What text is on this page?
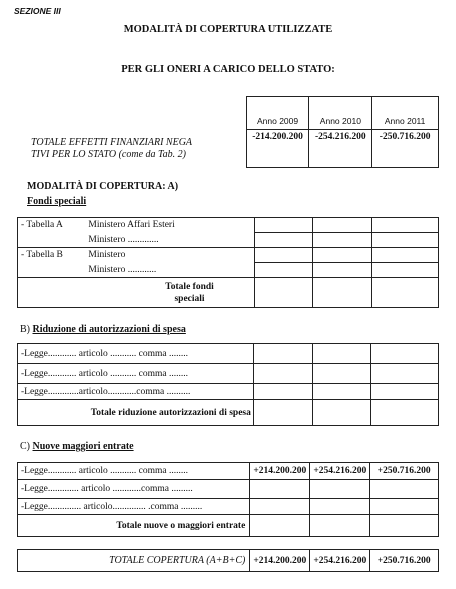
SEZIONE III
MODALITÀ DI COPERTURA UTILIZZATE
PER GLI ONERI A CARICO DELLO STATO:
	Anno 2009	Anno 2010	Anno 2011

TOTALE EFFETTI FINANZIARI NEGA
TIVI PER LO STATO (come da Tab. 2)	-214.200.200	-254.216.200	-250.716.200
MODALITÀ DI COPERTURA: A)
Fondi speciali
- Tabella A	Ministero Affari Esteri			
	Ministero .............			
- Tabella B	Ministero			
	Ministero ............			

Totale fondi
speciali				

B) Riduzione di autorizzazioni di spesa
-Legge............ articolo ........... comma ........			
-Legge............ articolo ........... comma ........			
-Legge.............articolo............comma ..........			
Totale riduzione autorizzazioni di spesa			
C) Nuove maggiori entrate
-Legge............ articolo ........... comma ........	+214.200.200	+254.216.200	+250.716.200
-Legge............. articolo ............comma .........			
-Legge.............. articolo.............. .comma .........			
Totale nuove o maggiori entrate			
TOTALE COPERTURA (A+B+C)	+214.200.200	+254.216.200	+250.716.200
